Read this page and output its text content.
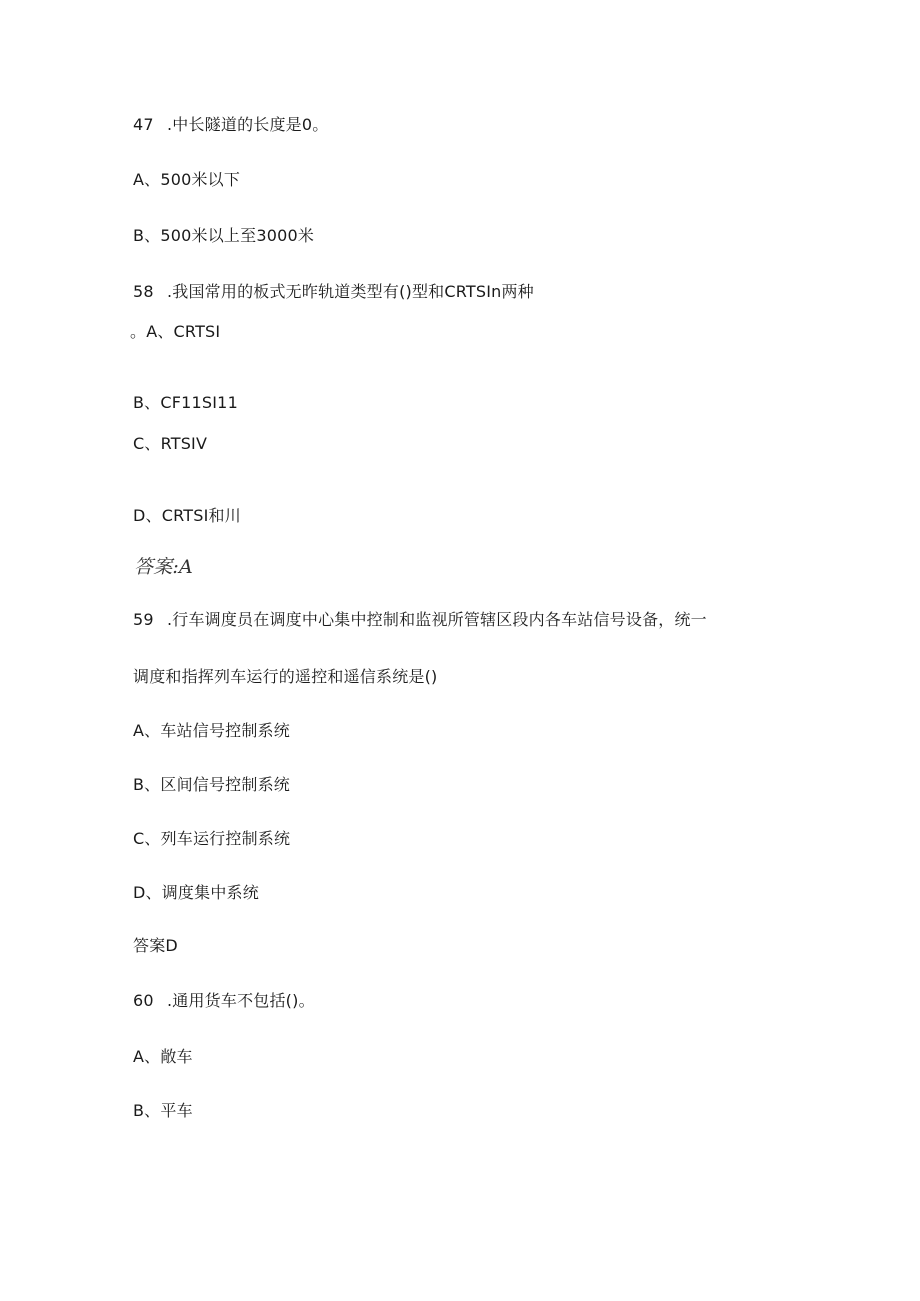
47 .中长隧道的长度是0。
A、500米以下
B、500米以上至3000米
58 .我国常用的板式无昨轨道类型有()型和CRTSIn两种
。A、CRTSI
B、CF11SI11
C、RTSIV
D、CRTSI和川
答案:A
59 .行车调度员在调度中心集中控制和监视所管辖区段内各车站信号设备，统一
调度和指挥列车运行的遥控和遥信系统是()
A、车站信号控制系统
B、区间信号控制系统
C、列车运行控制系统
D、调度集中系统
答案D
60 .通用货车不包括()。
A、敞车
B、平车
